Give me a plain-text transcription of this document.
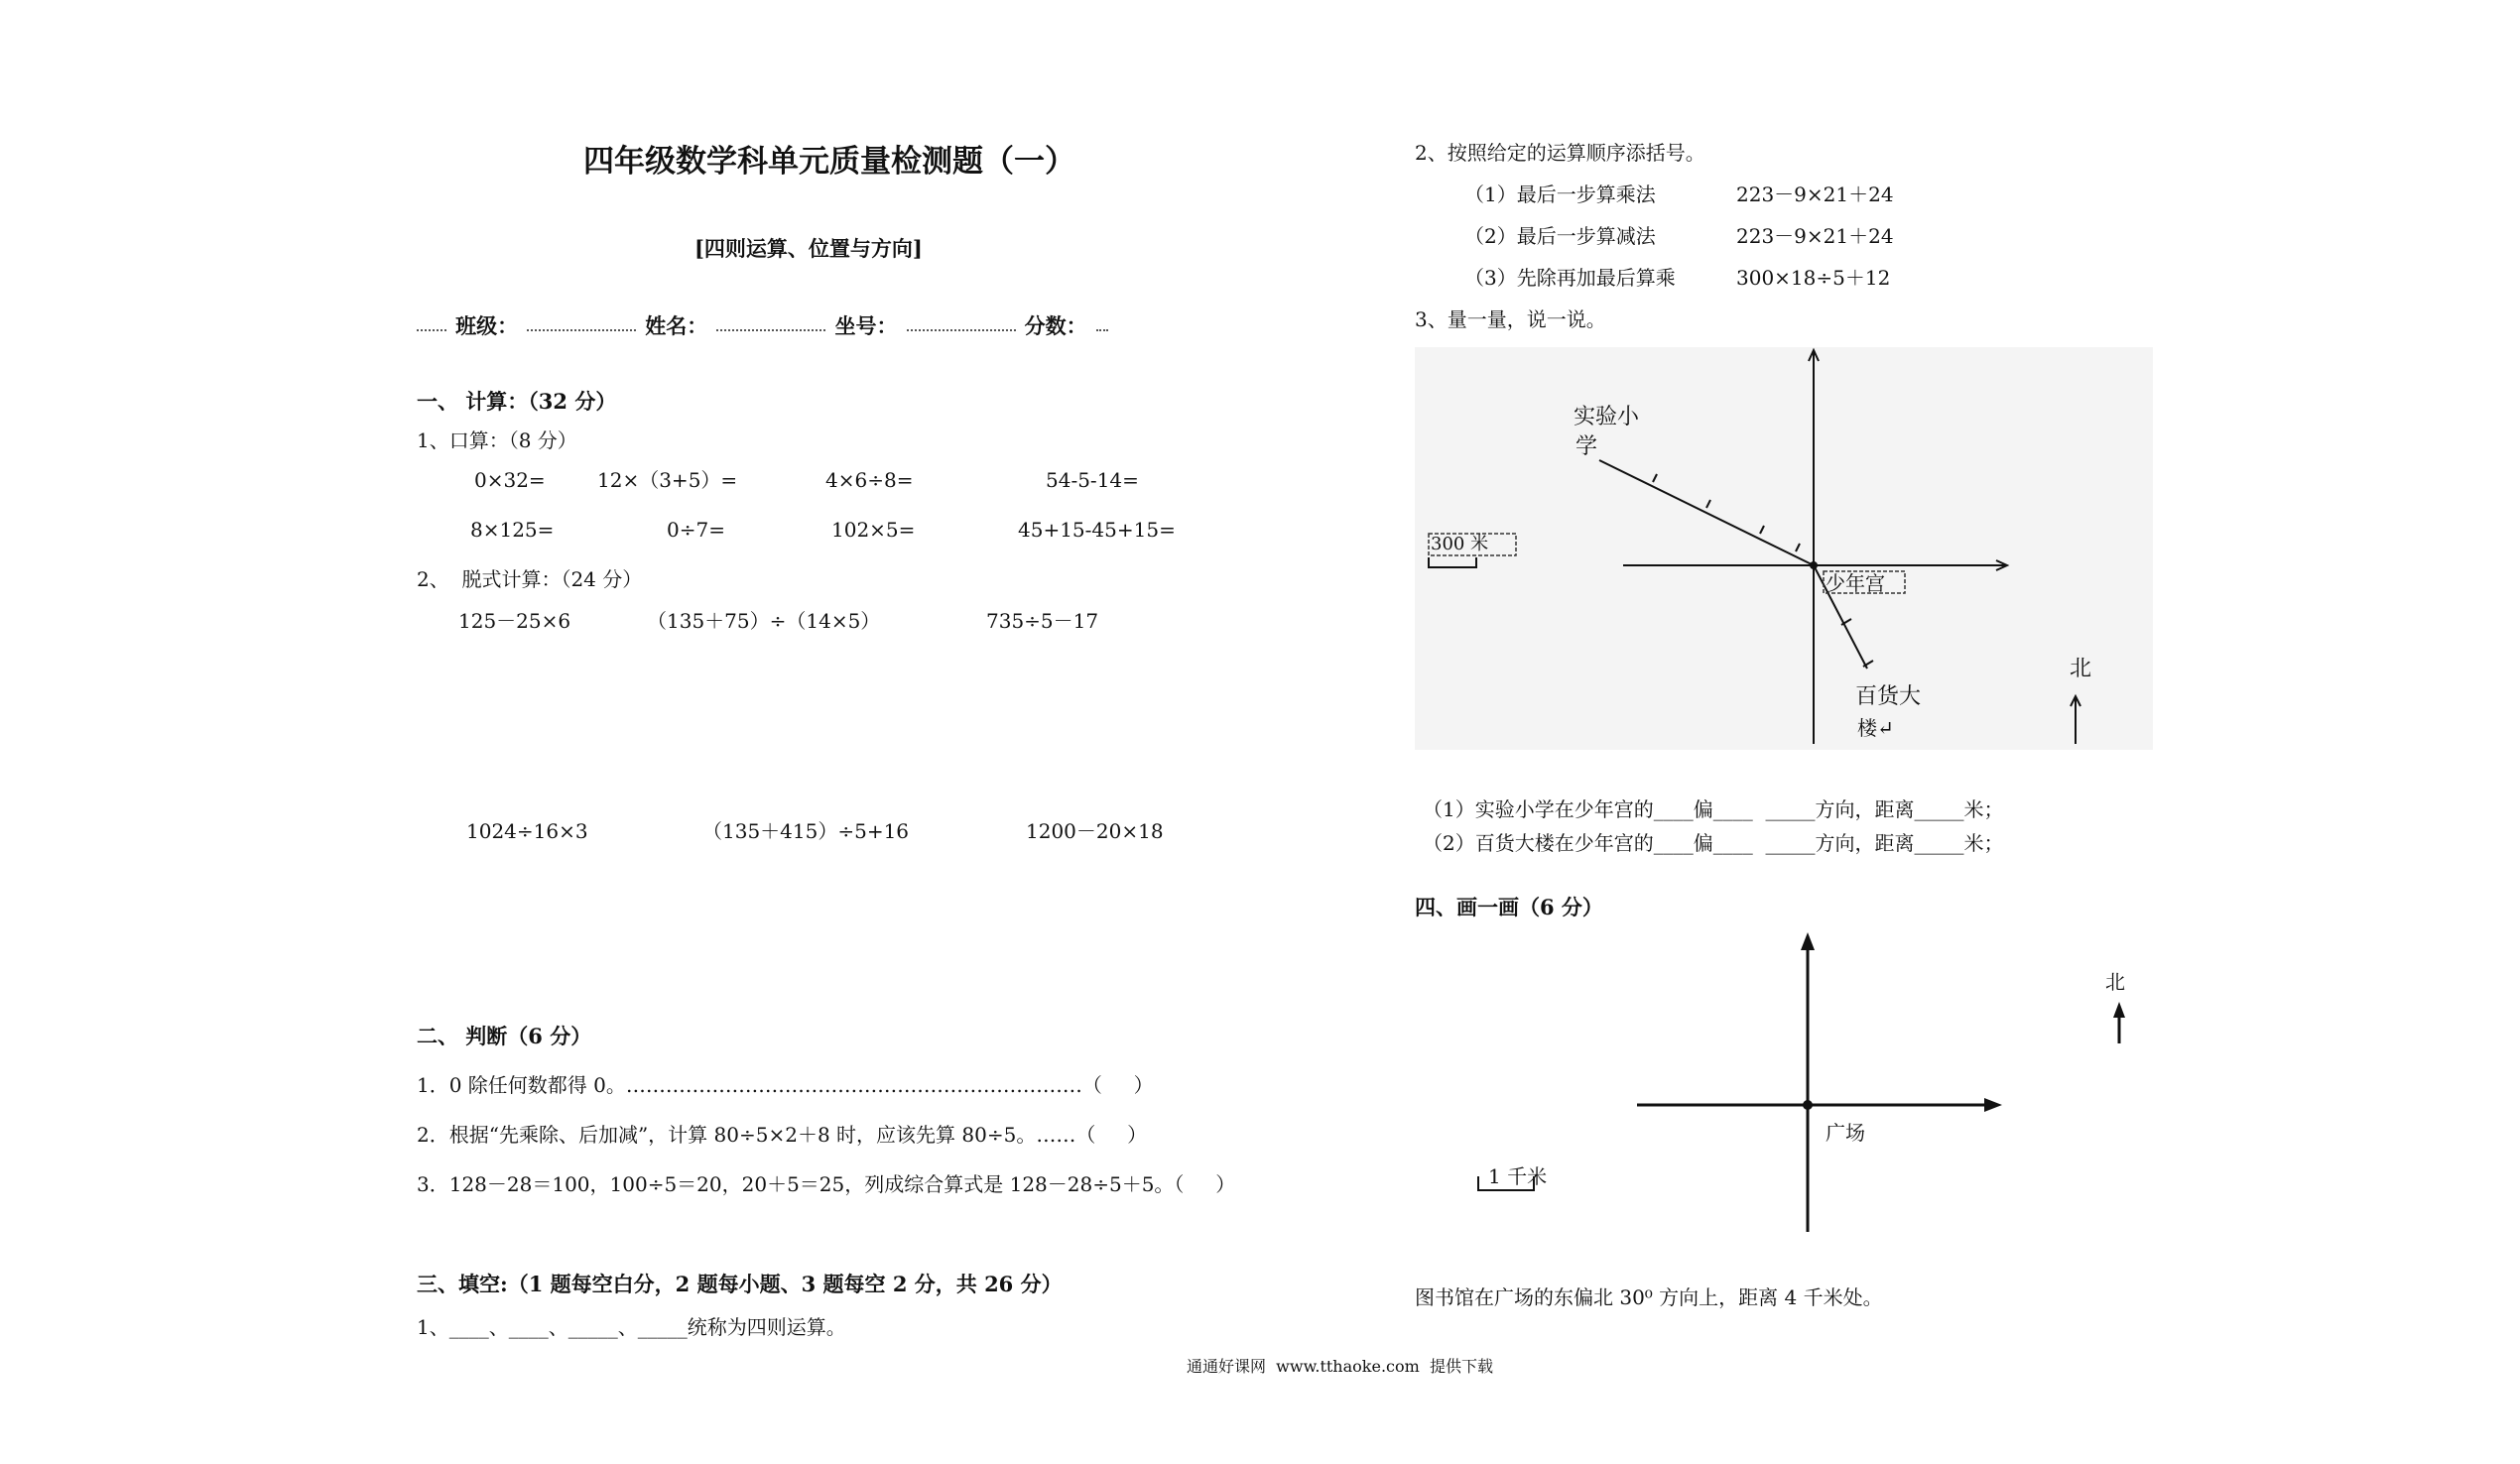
四年级数学科单元质量检测题（一）
[四则运算、位置与方向]
班级：	姓名：	坐号：	分数：
一、 计算：（32 分）
1、口算：（8 分）
0×32=	12×（3+5）=	4×6÷8=	54-5-14=
8×125=	0÷7=	102×5=	45+15-45+15=
2、  脱式计算：（24 分）
125－25×6	（135＋75）÷（14×5）	735÷5－17
1024÷16×3	（135＋415）÷5+16	1200－20×18
二、 判断（6 分）
1．0 除任何数都得 0。……………………………………………………………（     ）
2．根据“先乘除、后加减”，计算 80÷5×2＋8 时，应该先算 80÷5。……（     ）
3．128－28＝100，100÷5＝20，20＋5＝25，列成综合算式是 128－28÷5＋5。（     ）
三、填空:（1 题每空白分，2 题每小题、3 题每空 2 分，共 26 分）
1、____、____、_____、_____统称为四则运算。
2、按照给定的运算顺序添括号。
（1）最后一步算乘法	223－9×21＋24
（2）最后一步算减法	223－9×21＋24
（3）先除再加最后算乘	300×18÷5＋12
3、量一量，说一说。
实验小
学
300 米
少年宫
百货大
楼↵
北
（1）实验小学在少年宫的____偏____  _____方向，距离_____米；
（2）百货大楼在少年宫的____偏____  _____方向，距离_____米；
四、画一画（6 分）
北
广场
1 千米
图书馆在广场的东偏北 30⁰ 方向上，距离 4 千米处。
通通好课网  www.tthaoke.com  提供下载
